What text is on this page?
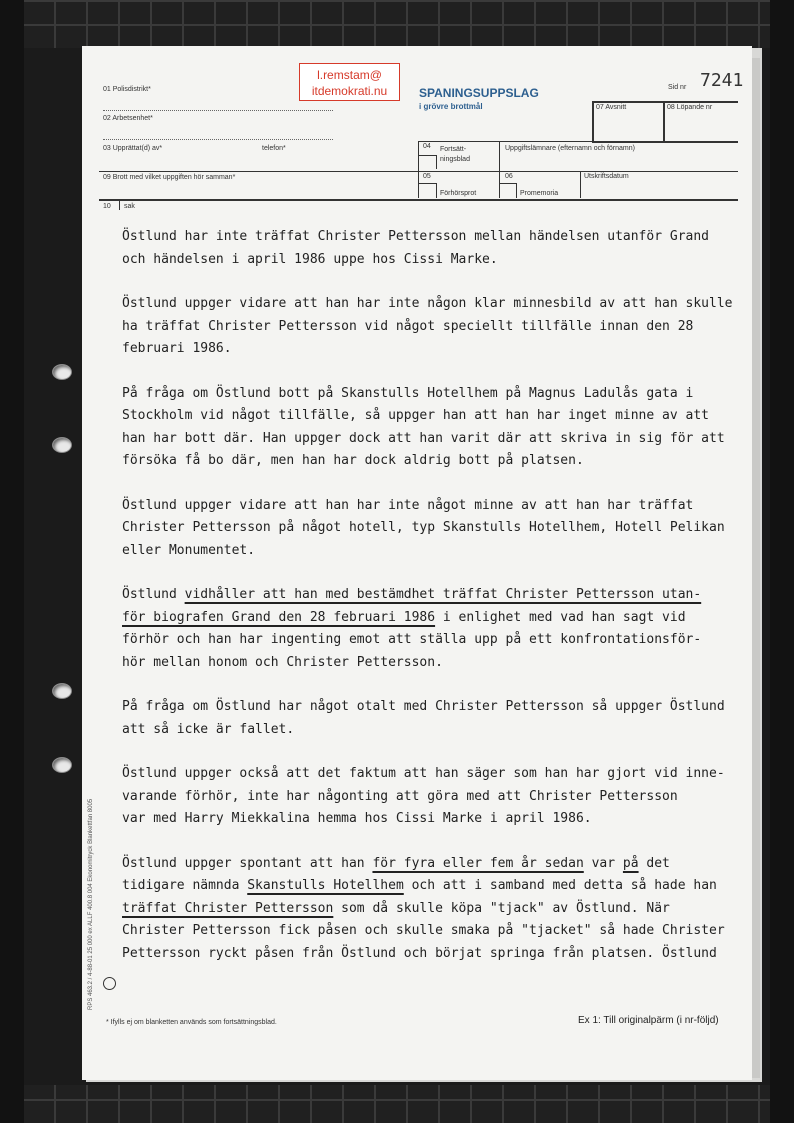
01 Polisdistrikt*
02 Arbetsenhet*
03 Upprättat(d) av*	telefon*
l.remstam@
itdemokrati.nu	SPANINGSUPPSLAG
i grövre brottmål
Sid nr 7241
07 Avsnitt	08 Löpande nr
04 Fortsätt-
ningsblad
Uppgiftslämnare (efternamn och förnamn)
09 Brott med vilket uppgiften hör samman*	05
Förhörsprot
06
Promemoria
Utskriftsdatum
10 sak

Östlund har inte träffat Christer Pettersson mellan händelsen utanför Grand
och händelsen i april 1986 uppe hos Cissi Marke.

Östlund uppger vidare att han har inte någon klar minnesbild av att han skulle
ha träffat Christer Pettersson vid något speciellt tillfälle innan den 28
februari 1986.

På fråga om Östlund bott på Skanstulls Hotellhem på Magnus Ladulås gata i
Stockholm vid något tillfälle, så uppger han att han har inget minne av att
han har bott där. Han uppger dock att han varit där att skriva in sig för att
försöka få bo där, men han har dock aldrig bott på platsen.

Östlund uppger vidare att han har inte något minne av att han har träffat
Christer Pettersson på något hotell, typ Skanstulls Hotellhem, Hotell Pelikan
eller Monumentet.

Östlund vidhåller att han med bestämdhet träffat Christer Pettersson utan-
för biografen Grand den 28 februari 1986 i enlighet med vad han sagt vid
förhör och han har ingenting emot att ställa upp på ett konfrontationsför-
hör mellan honom och Christer Pettersson.

På fråga om Östlund har något otalt med Christer Pettersson så uppger Östlund
att så icke är fallet.

Östlund uppger också att det faktum att han säger som han har gjort vid inne-
varande förhör, inte har någonting att göra med att Christer Pettersson
var med Harry Miekkalina hemma hos Cissi Marke i april 1986.

Östlund uppger spontant att han för fyra eller fem år sedan var på det
tidigare nämnda Skanstulls Hotellhem och att i samband med detta så hade han
träffat Christer Pettersson som då skulle köpa "tjack" av Östlund. När
Christer Pettersson fick påsen och skulle smaka på "tjacket" så hade Christer
Pettersson ryckt påsen från Östlund och börjat springa från platsen. Östlund

RPS 463.2 / 4-88-01 25 000 ex ALLF 400.8 004 Ekonomitryck Blankettfan 8005
* Ifylls ej om blanketten används som fortsättningsblad.	Ex 1: Till originalpärm (i nr-följd)
